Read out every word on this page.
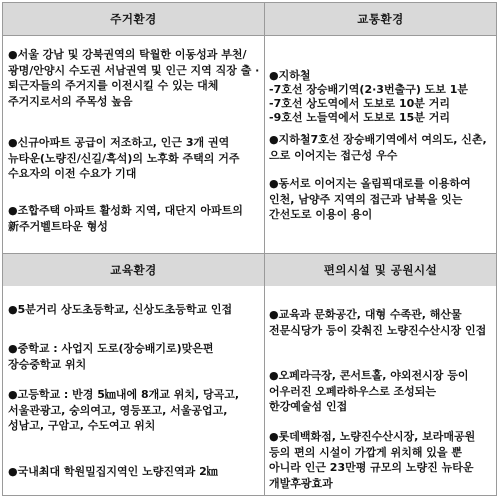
주거환경	교통환경
교육환경	편의시설 및 공원시설
●서울 강남 및 강북권역의 탁월한 이동성과 부천/광명/안양시 수도권 서남권역 및 인근 지역 직장 출 · 퇴근자들의 주거지를 이전시킬 수 있는 대체 주거지로서의 주목성 높음
●신규아파트 공급이 저조하고, 인근 3개 권역 뉴타운(노량진/신길/흑석)의 노후화 주택의 거주 수요자의 이전 수요가 기대
●조합주택 아파트 활성화 지역, 대단지 아파트의 新주거벨트타운 형성
●지하철
-7호선 장승배기역(2·3번출구) 도보 1분
-7호선 상도역에서 도보로 10분 거리
-9호선 노들역에서 도보로 15분 거리
●지하철7호선 장승배기역에서 여의도, 신촌, 으로 이어지는 접근성 우수
●동서로 이어지는 올림픽대로를 이용하여 인천, 남양주 지역의 접근과 남북을 잇는 간선도로 이용이 용이
●5분거리 상도초등학교, 신상도초등학교 인접
●중학교 : 사업지 도로(장승배기로)맞은편 장승중학교 위치
●고등학교 : 반경 5㎞내에 8개교 위치, 당곡고, 서울관광고, 숭의여고, 영등포고, 서울공업고, 성남고, 구암고, 수도여고 위치
●국내최대 학원밀집지역인 노량진역과 2㎞
●교육과 문화공간, 대형 수족관, 해산물 전문식당가 등이 갖춰진 노량진수산시장 인접
●오페라극장, 콘서트홀, 야외전시장 등이 어우러진 오페라하우스로 조성되는 한강예술섬 인접
●롯데백화점, 노량진수산시장, 보라매공원 등의 편의 시설이 가깝게 위치해 있을 뿐 아니라 인근 23만평 규모의 노량진 뉴타운 개발후광효과
